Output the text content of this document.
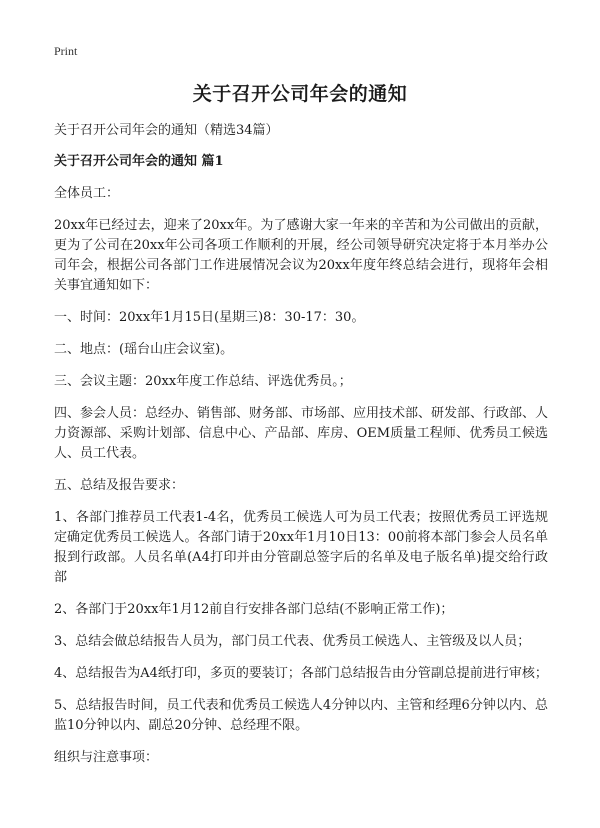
Print
关于召开公司年会的通知

关于召开公司年会的通知（精选34篇）

关于召开公司年会的通知 篇1

全体员工：

20xx年已经过去，迎来了20xx年。为了感谢大家一年来的辛苦和为公司做出的贡献，更为了公司在20xx年公司各项工作顺利的开展，经公司领导研究决定将于本月举办公司年会，根据公司各部门工作进展情况会议为20xx年度年终总结会进行，现将年会相关事宜通知如下：

一、时间：20xx年1月15日(星期三)8：30-17：30。

二、地点：(瑶台山庄会议室)。

三、会议主题：20xx年度工作总结、评选优秀员。；

四、参会人员：总经办、销售部、财务部、市场部、应用技术部、研发部、行政部、人力资源部、采购计划部、信息中心、产品部、库房、OEM质量工程师、优秀员工候选人、员工代表。

五、总结及报告要求：

1、各部门推荐员工代表1-4名，优秀员工候选人可为员工代表；按照优秀员工评选规定确定优秀员工候选人。各部门请于20xx年1月10日13：00前将本部门参会人员名单报到行政部。人员名单(A4打印并由分管副总签字后的名单及电子版名单)提交给行政部

2、各部门于20xx年1月12前自行安排各部门总结(不影响正常工作)；

3、总结会做总结报告人员为，部门员工代表、优秀员工候选人、主管级及以人员；

4、总结报告为A4纸打印，多页的要装订；各部门总结报告由分管副总提前进行审核；

5、总结报告时间，员工代表和优秀员工候选人4分钟以内、主管和经理6分钟以内、总监10分钟以内、副总20分钟、总经理不限。

组织与注意事项：
